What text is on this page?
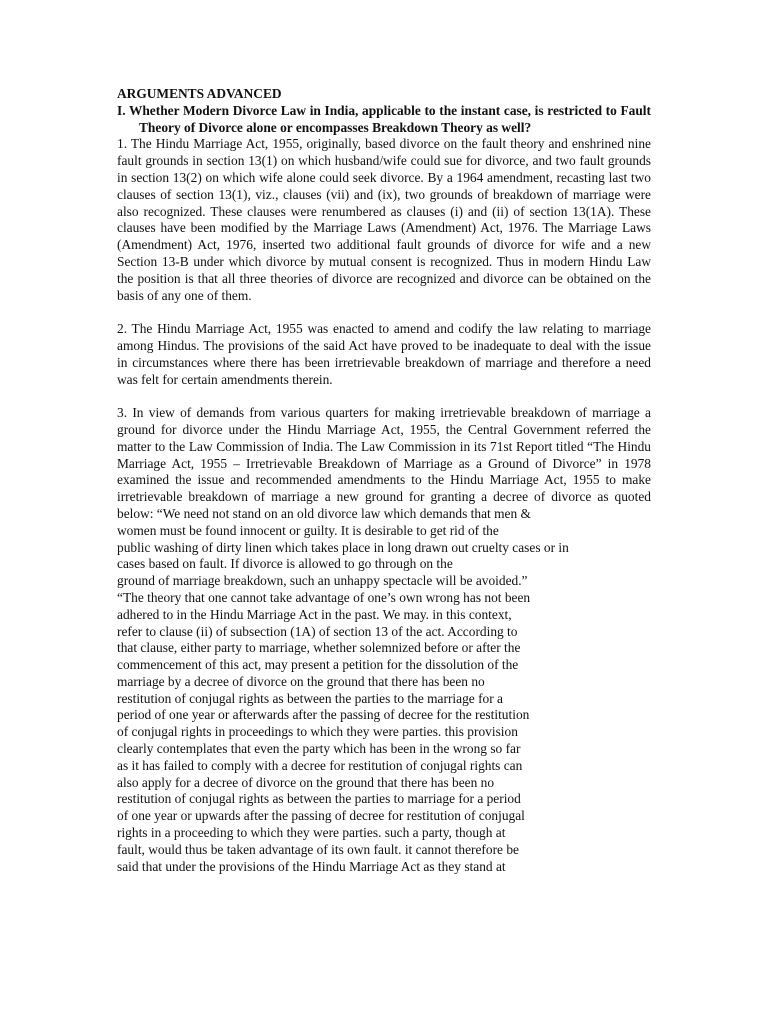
ARGUMENTS ADVANCED

I. Whether Modern Divorce Law in India, applicable to the instant case, is restricted to Fault Theory of Divorce alone or encompasses Breakdown Theory as well?

1. The Hindu Marriage Act, 1955, originally, based divorce on the fault theory and enshrined nine fault grounds in section 13(1) on which husband/wife could sue for divorce, and two fault grounds in section 13(2) on which wife alone could seek divorce. By a 1964 amendment, recasting last two clauses of section 13(1), viz., clauses (vii) and (ix), two grounds of breakdown of marriage were also recognized. These clauses were renumbered as clauses (i) and (ii) of section 13(1A). These clauses have been modified by the Marriage Laws (Amendment) Act, 1976. The Marriage Laws (Amendment) Act, 1976, inserted two additional fault grounds of divorce for wife and a new Section 13-B under which divorce by mutual consent is recognized. Thus in modern Hindu Law the position is that all three theories of divorce are recognized and divorce can be obtained on the basis of any one of them.

2. The Hindu Marriage Act, 1955 was enacted to amend and codify the law relating to marriage among Hindus. The provisions of the said Act have proved to be inadequate to deal with the issue in circumstances where there has been irretrievable breakdown of marriage and therefore a need was felt for certain amendments therein.

3. In view of demands from various quarters for making irretrievable breakdown of marriage a ground for divorce under the Hindu Marriage Act, 1955, the Central Government referred the matter to the Law Commission of India. The Law Commission in its 71st Report titled “The Hindu Marriage Act, 1955 – Irretrievable Breakdown of Marriage as a Ground of Divorce” in 1978 examined the issue and recommended amendments to the Hindu Marriage Act, 1955 to make irretrievable breakdown of marriage a new ground for granting a decree of divorce as quoted below: “We need not stand on an old divorce law which demands that men &

women must be found innocent or guilty. It is desirable to get rid of the
public washing of dirty linen which takes place in long drawn out cruelty cases or in
cases based on fault. If divorce is allowed to go through on the
ground of marriage breakdown, such an unhappy spectacle will be avoided.”
“The theory that one cannot take advantage of one’s own wrong has not been
adhered to in the Hindu Marriage Act in the past. We may. in this context,
refer to clause (ii) of subsection (1A) of section 13 of the act. According to
that clause, either party to marriage, whether solemnized before or after the
commencement of this act, may present a petition for the dissolution of the
marriage by a decree of divorce on the ground that there has been no
restitution of conjugal rights as between the parties to the marriage for a
period of one year or afterwards after the passing of decree for the restitution
of conjugal rights in proceedings to which they were parties. this provision
clearly contemplates that even the party which has been in the wrong so far
as it has failed to comply with a decree for restitution of conjugal rights can
also apply for a decree of divorce on the ground that there has been no
restitution of conjugal rights as between the parties to marriage for a period
of one year or upwards after the passing of decree for restitution of conjugal
rights in a proceeding to which they were parties. such a party, though at
fault, would thus be taken advantage of its own fault. it cannot therefore be
said that under the provisions of the Hindu Marriage Act as they stand at
